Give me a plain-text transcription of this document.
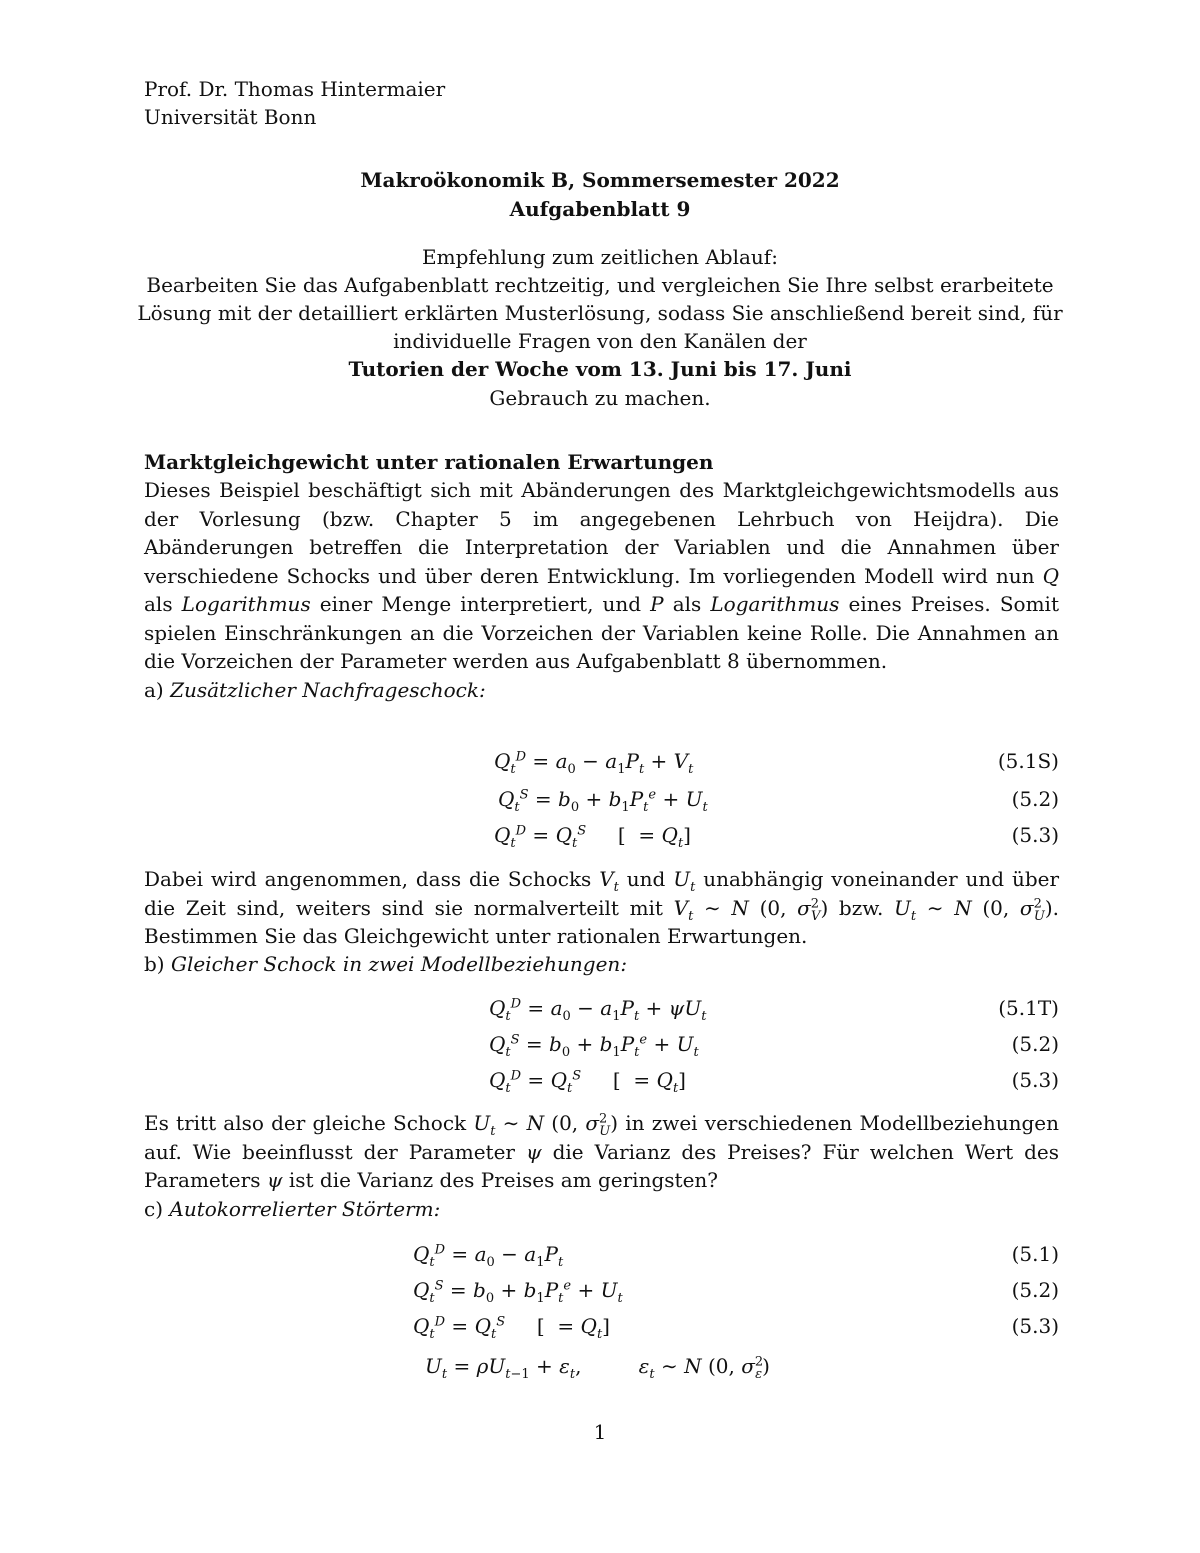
Prof. Dr. Thomas Hintermaier
Universität Bonn
Makroökonomik B, Sommersemester 2022
Aufgabenblatt 9
Empfehlung zum zeitlichen Ablauf:
Bearbeiten Sie das Aufgabenblatt rechtzeitig, und vergleichen Sie Ihre selbst erarbeitete
Lösung mit der detailliert erklärten Musterlösung, sodass Sie anschließend bereit sind, für
individuelle Fragen von den Kanälen der
Tutorien der Woche vom 13. Juni bis 17. Juni
Gebrauch zu machen.
Marktgleichgewicht unter rationalen Erwartungen
Dieses Beispiel beschäftigt sich mit Abänderungen des Marktgleichgewichtsmodells aus der Vorlesung (bzw. Chapter 5 im angegebenen Lehrbuch von Heijdra). Die Abänderungen betreffen die Interpretation der Variablen und die Annahmen über verschiedene Schocks und über deren Entwicklung. Im vorliegenden Modell wird nun Q als Logarithmus einer Menge interpretiert, und P als Logarithmus eines Preises. Somit spielen Einschränkungen an die Vorzeichen der Variablen keine Rolle. Die Annahmen an die Vorzeichen der Parameter werden aus Aufgabenblatt 8 übernommen.
a) Zusätzlicher Nachfrageschock:
$Q_t^D = a_0 - a_1P_t + V_t$	(5.1S)
$Q_t^S = b_0 + b_1P_t^e + U_t$	(5.2)
$Q_t^D = Q_t^S$     [  = $Q_t$]	(5.3)
Dabei wird angenommen, dass die Schocks $V_t$ und $U_t$ unabhängig voneinander und über die Zeit sind, weiters sind sie normalverteilt mit $V_t$ ∼ N (0, $\sigma^2_V$) bzw. $U_t$ ∼ N (0, $\sigma^2_U$). Bestimmen Sie das Gleichgewicht unter rationalen Erwartungen.
b) Gleicher Schock in zwei Modellbeziehungen:
$Q_t^D = a_0 - a_1P_t + \psi U_t$	(5.1T)
$Q_t^S = b_0 + b_1P_t^e + U_t$	(5.2)
$Q_t^D = Q_t^S$     [  = $Q_t$]	(5.3)
Es tritt also der gleiche Schock $U_t$ ∼ N (0, $\sigma^2_U$) in zwei verschiedenen Modellbeziehungen auf. Wie beeinflusst der Parameter ψ die Varianz des Preises? Für welchen Wert des Parameters ψ ist die Varianz des Preises am geringsten?
c) Autokorrelierter Störterm:
$Q_t^D = a_0 - a_1P_t$	(5.1)
$Q_t^S = b_0 + b_1P_t^e + U_t$	(5.2)
$Q_t^D = Q_t^S$     [  = $Q_t$]	(5.3)
$U_t = \rho U_{t-1} + \varepsilon_t$,         $\varepsilon_t$ ∼ N (0, $\sigma^2_\varepsilon$)
1
